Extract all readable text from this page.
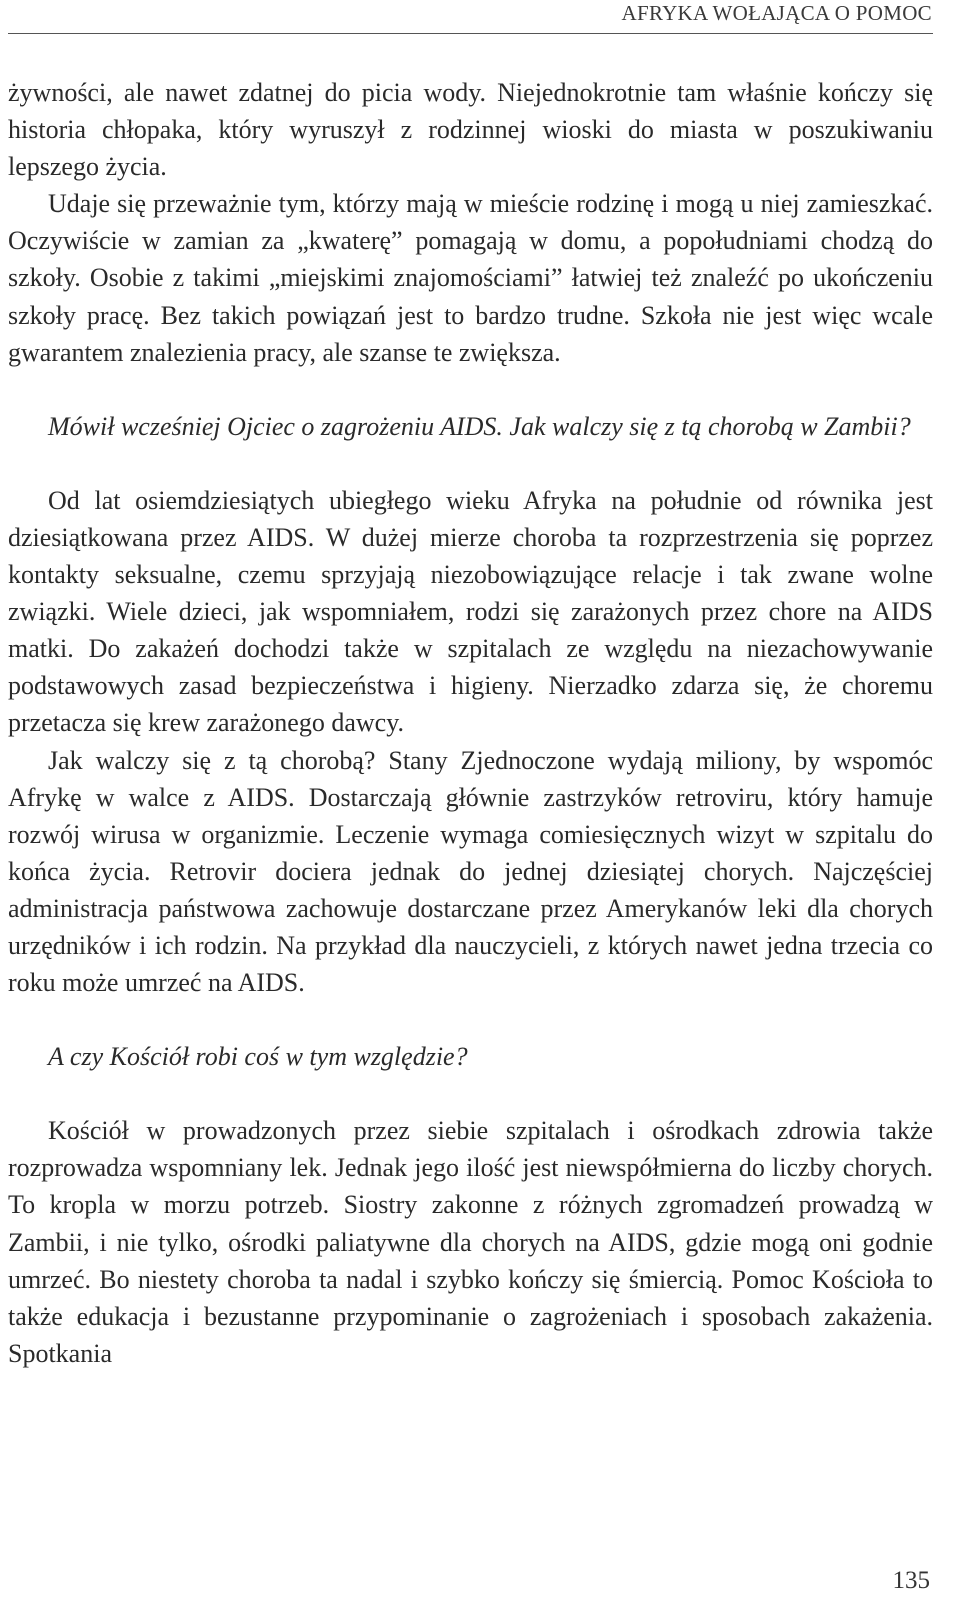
AFRYKA WOŁAJĄCA O POMOC

żywności, ale nawet zdatnej do picia wody. Niejednokrotnie tam właśnie kończy się historia chłopaka, który wyruszył z rodzinnej wioski do miasta w poszukiwaniu lepszego życia.

Udaje się przeważnie tym, którzy mają w mieście rodzinę i mogą u niej zamieszkać. Oczywiście w zamian za „kwaterę” pomagają w domu, a popołudniami chodzą do szkoły. Osobie z takimi „miejskimi znajomościami” łatwiej też znaleźć po ukończeniu szkoły pracę. Bez takich powiązań jest to bardzo trudne. Szkoła nie jest więc wcale gwarantem znalezienia pracy, ale szanse te zwiększa.

Mówił wcześniej Ojciec o zagrożeniu AIDS. Jak walczy się z tą chorobą w Zambii?

Od lat osiemdziesiątych ubiegłego wieku Afryka na południe od równika jest dziesiątkowana przez AIDS. W dużej mierze choroba ta rozprzestrzenia się poprzez kontakty seksualne, czemu sprzyjają niezobowiązujące relacje i tak zwane wolne związki. Wiele dzieci, jak wspomniałem, rodzi się zarażonych przez chore na AIDS matki. Do zakażeń dochodzi także w szpitalach ze względu na niezachowywanie podstawowych zasad bezpieczeństwa i higieny. Nierzadko zdarza się, że choremu przetacza się krew zarażonego dawcy.

Jak walczy się z tą chorobą? Stany Zjednoczone wydają miliony, by wspomóc Afrykę w walce z AIDS. Dostarczają głównie zastrzyków retroviru, który hamuje rozwój wirusa w organizmie. Leczenie wymaga comiesięcznych wizyt w szpitalu do końca życia. Retrovir dociera jednak do jednej dziesiątej chorych. Najczęściej administracja państwowa zachowuje dostarczane przez Amerykanów leki dla chorych urzędników i ich rodzin. Na przykład dla nauczycieli, z których nawet jedna trzecia co roku może umrzeć na AIDS.

A czy Kościół robi coś w tym względzie?

Kościół w prowadzonych przez siebie szpitalach i ośrodkach zdrowia także rozprowadza wspomniany lek. Jednak jego ilość jest niewspółmierna do liczby chorych. To kropla w morzu potrzeb. Siostry zakonne z różnych zgromadzeń prowadzą w Zambii, i nie tylko, ośrodki paliatywne dla chorych na AIDS, gdzie mogą oni godnie umrzeć. Bo niestety choroba ta nadal i szybko kończy się śmiercią. Pomoc Kościoła to także edukacja i bezustanne przypominanie o zagrożeniach i sposobach zakażenia. Spotkania

135
